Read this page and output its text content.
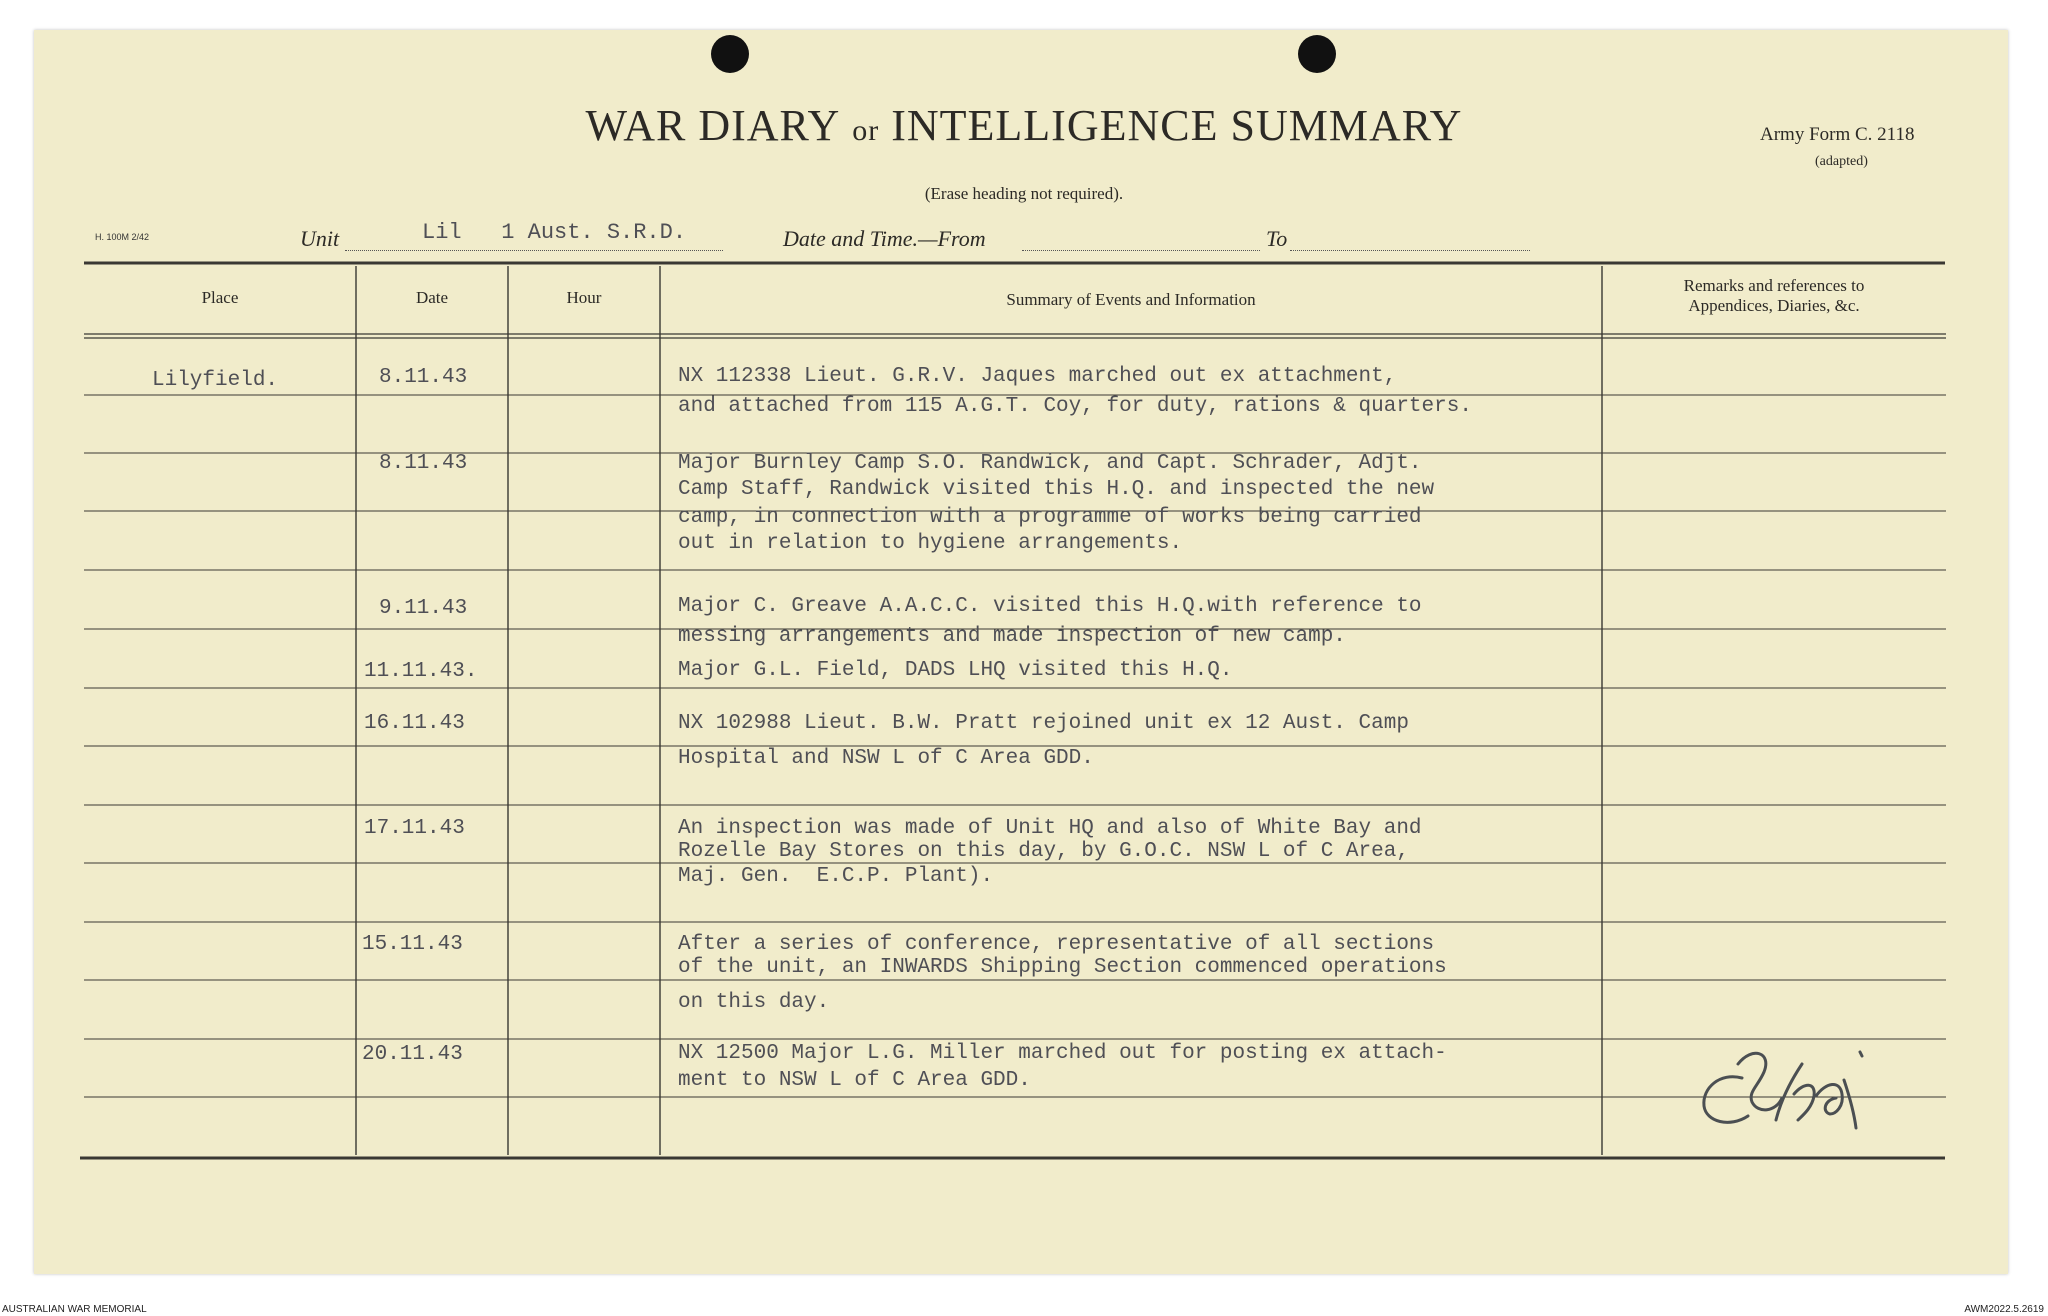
WAR DIARY or INTELLIGENCE SUMMARY
(Erase heading not required).
Army Form C. 2118
(adapted)
H. 100M 2/42	Unit	Lil   1 Aust. S.R.D.	Date and Time.—From	To
Place	Date	Hour	Summary of Events and Information
Remarks and references to
Appendices, Diaries, &c.
Lilyfield.	8.11.43	NX 112338 Lieut. G.R.V. Jaques marched out ex attachment,
and attached from 115 A.G.T. Coy, for duty, rations & quarters.
8.11.43	Major Burnley Camp S.O. Randwick, and Capt. Schrader, Adjt.
Camp Staff, Randwick visited this H.Q. and inspected the new
camp, in connection with a programme of works being carried
out in relation to hygiene arrangements.
9.11.43	Major C. Greave A.A.C.C. visited this H.Q.with reference to
messing arrangements and made inspection of new camp.
11.11.43.	Major G.L. Field, DADS LHQ visited this H.Q.
16.11.43	NX 102988 Lieut. B.W. Pratt rejoined unit ex 12 Aust. Camp
Hospital and NSW L of C Area GDD.
17.11.43	An inspection was made of Unit HQ and also of White Bay and
Rozelle Bay Stores on this day, by G.O.C. NSW L of C Area,
Maj. Gen.  E.C.P. Plant).
15.11.43	After a series of conference, representative of all sections
of the unit, an INWARDS Shipping Section commenced operations
on this day.
20.11.43	NX 12500 Major L.G. Miller marched out for posting ex attach-
ment to NSW L of C Area GDD.
AUSTRALIAN WAR MEMORIAL	AWM2022.5.2619
